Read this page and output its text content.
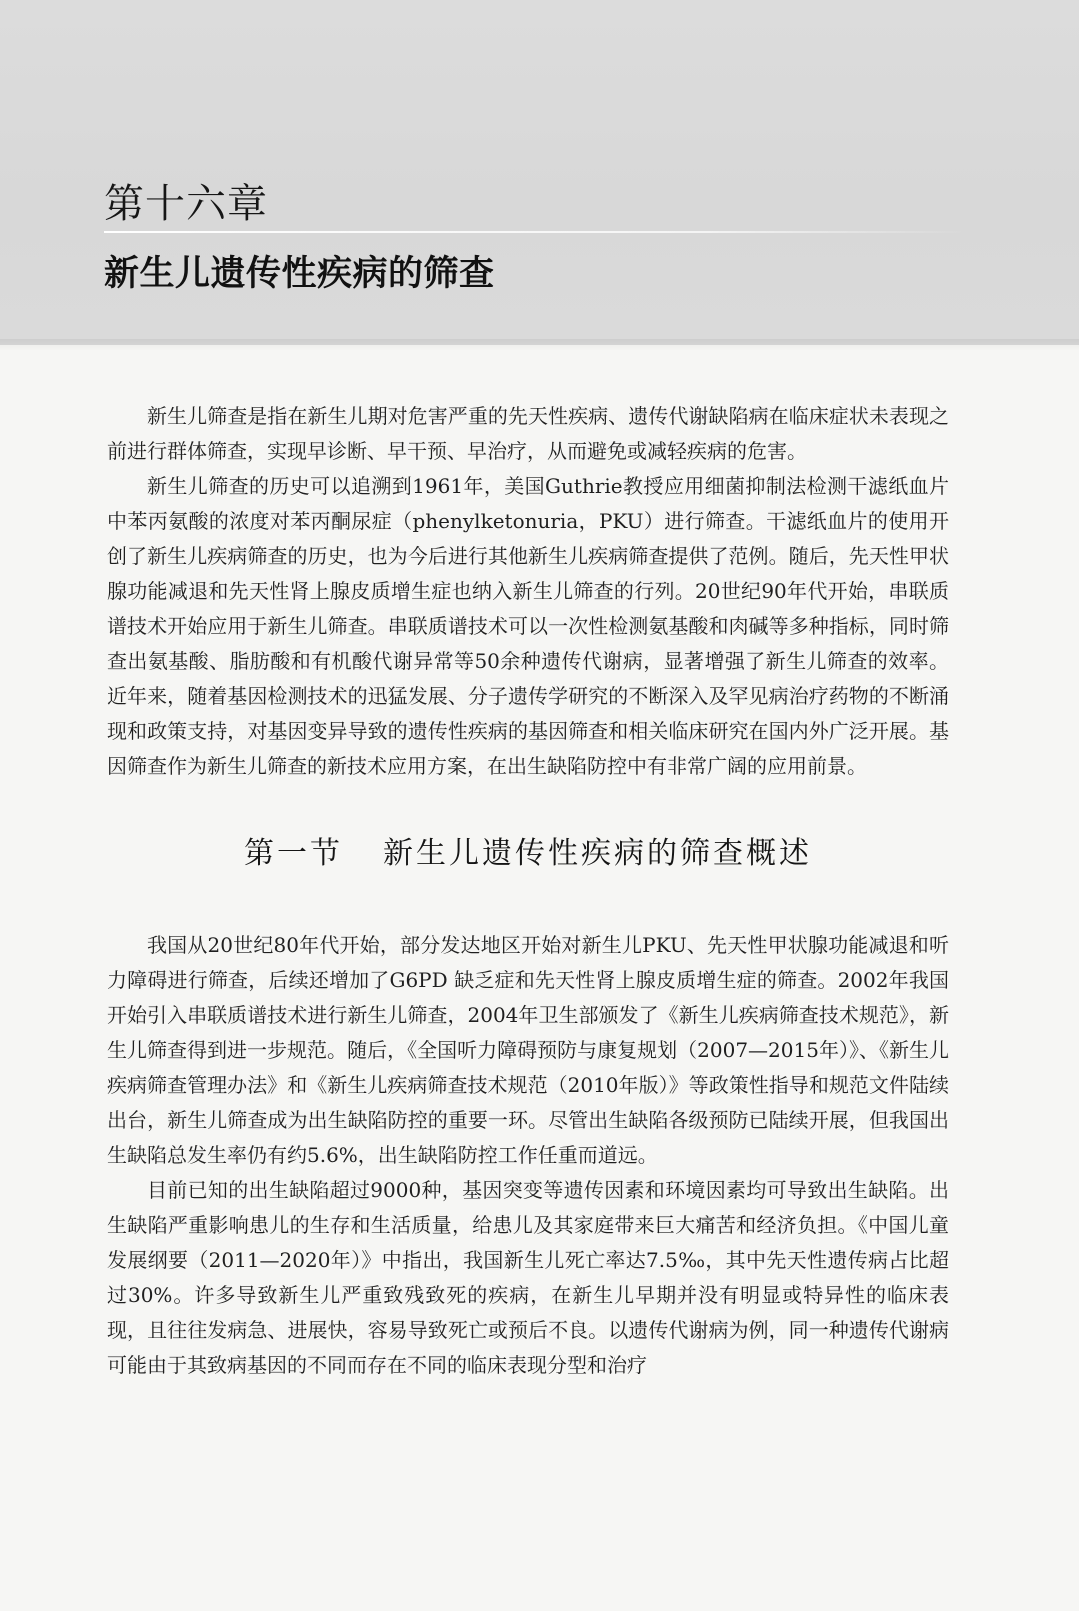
第十六章
新生儿遗传性疾病的筛查

新生儿筛查是指在新生儿期对危害严重的先天性疾病、遗传代谢缺陷病在临床症状未表现之前进行群体筛查，实现早诊断、早干预、早治疗，从而避免或减轻疾病的危害。

新生儿筛查的历史可以追溯到1961年，美国Guthrie教授应用细菌抑制法检测干滤纸血片中苯丙氨酸的浓度对苯丙酮尿症（phenylketonuria，PKU）进行筛查。干滤纸血片的使用开创了新生儿疾病筛查的历史，也为今后进行其他新生儿疾病筛查提供了范例。随后，先天性甲状腺功能减退和先天性肾上腺皮质增生症也纳入新生儿筛查的行列。20世纪90年代开始，串联质谱技术开始应用于新生儿筛查。串联质谱技术可以一次性检测氨基酸和肉碱等多种指标，同时筛查出氨基酸、脂肪酸和有机酸代谢异常等50余种遗传代谢病，显著增强了新生儿筛查的效率。近年来，随着基因检测技术的迅猛发展、分子遗传学研究的不断深入及罕见病治疗药物的不断涌现和政策支持，对基因变异导致的遗传性疾病的基因筛查和相关临床研究在国内外广泛开展。基因筛查作为新生儿筛查的新技术应用方案，在出生缺陷防控中有非常广阔的应用前景。

第一节 新生儿遗传性疾病的筛查概述

我国从20世纪80年代开始，部分发达地区开始对新生儿PKU、先天性甲状腺功能减退和听力障碍进行筛查，后续还增加了G6PD 缺乏症和先天性肾上腺皮质增生症的筛查。2002年我国开始引入串联质谱技术进行新生儿筛查，2004年卫生部颁发了《新生儿疾病筛查技术规范》，新生儿筛查得到进一步规范。随后，《全国听力障碍预防与康复规划（2007—2015年）》、《新生儿疾病筛查管理办法》和《新生儿疾病筛查技术规范（2010年版）》等政策性指导和规范文件陆续出台，新生儿筛查成为出生缺陷防控的重要一环。尽管出生缺陷各级预防已陆续开展，但我国出生缺陷总发生率仍有约5.6%，出生缺陷防控工作任重而道远。

目前已知的出生缺陷超过9000种，基因突变等遗传因素和环境因素均可导致出生缺陷。出生缺陷严重影响患儿的生存和生活质量，给患儿及其家庭带来巨大痛苦和经济负担。《中国儿童发展纲要（2011—2020年）》中指出，我国新生儿死亡率达7.5‰，其中先天性遗传病占比超过30%。许多导致新生儿严重致残致死的疾病，在新生儿早期并没有明显或特异性的临床表现，且往往发病急、进展快，容易导致死亡或预后不良。以遗传代谢病为例，同一种遗传代谢病可能由于其致病基因的不同而存在不同的临床表现分型和治疗
